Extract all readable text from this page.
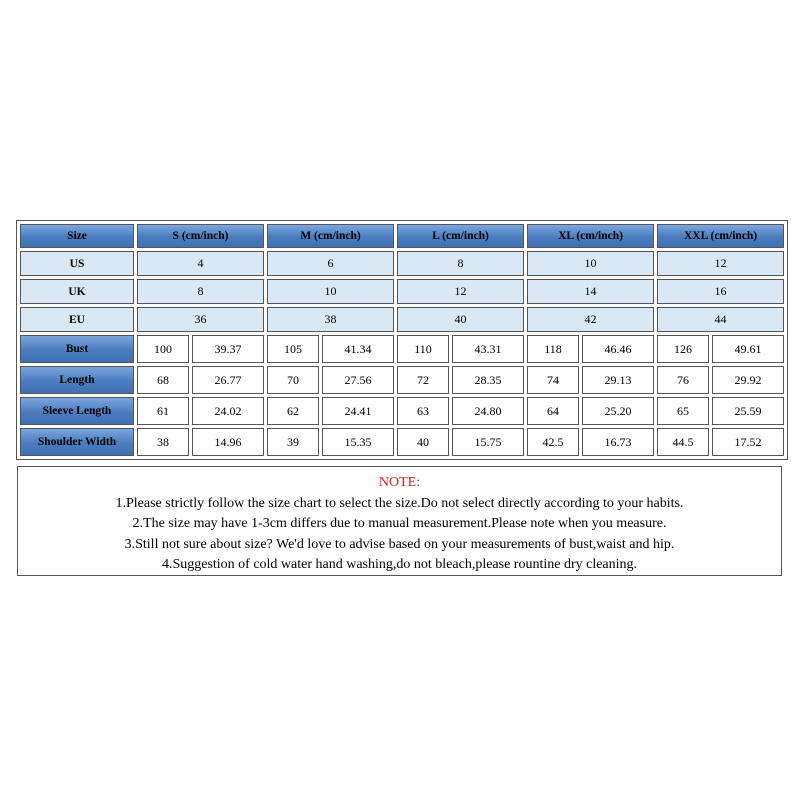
Size	S (cm/inch)		M (cm/inch)		L (cm/inch)		XL (cm/inch)		XXL (cm/inch)	
US	4		6		8		10		12	
UK	8		10		12		14		16	
EU	36		38		40		42		44	
Bust	100	39.37	105	41.34	110	43.31	118	46.46	126	49.61
Length	68	26.77	70	27.56	72	28.35	74	29.13	76	29.92
Sleeve Length	61	24.02	62	24.41	63	24.80	64	25.20	65	25.59
Shoulder Width	38	14.96	39	15.35	40	15.75	42.5	16.73	44.5	17.52
NOTE:
1.Please strictly follow the size chart to select the size.Do not select directly according to your habits.
2.The size may have 1-3cm differs due to manual measurement.Please note when you measure.
3.Still not sure about size? We'd love to advise based on your measurements of bust,waist and hip.
4.Suggestion of cold water hand washing,do not bleach,please rountine dry cleaning.
